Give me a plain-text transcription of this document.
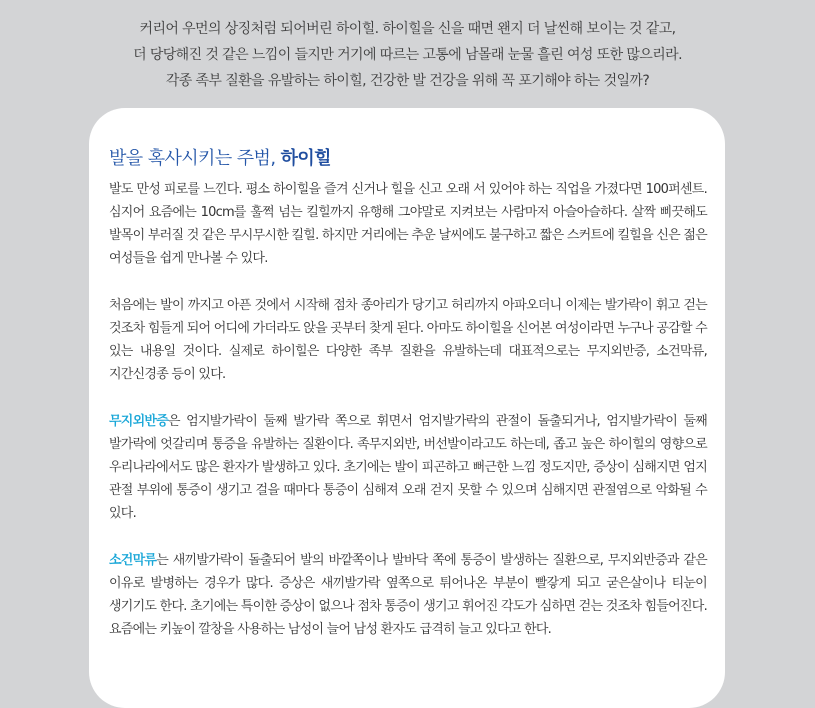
커리어 우먼의 상징처럼 되어버린 하이힐. 하이힐을 신을 때면 왠지 더 날씬해 보이는 것 같고,

더 당당해진 것 같은 느낌이 들지만 거기에 따르는 고통에 남몰래 눈물 흘린 여성 또한 많으리라.

각종 족부 질환을 유발하는 하이힐, 건강한 발 건강을 위해 꼭 포기해야 하는 것일까?

발을 혹사시키는 주범, 하이힐

발도 만성 피로를 느낀다. 평소 하이힐을 즐겨 신거나 힐을 신고 오래 서 있어야 하는 직업을 가졌다면 100퍼센트. 심지어 요즘에는 10cm를 훌쩍 넘는 킬힐까지 유행해 그야말로 지켜보는 사람마저 아슬아슬하다. 살짝 삐끗해도 발목이 부러질 것 같은 무시무시한 킬힐. 하지만 거리에는 추운 날씨에도 불구하고 짧은 스커트에 킬힐을 신은 젊은 여성들을 쉽게 만나볼 수 있다.

처음에는 발이 까지고 아픈 것에서 시작해 점차 종아리가 당기고 허리까지 아파오더니 이제는 발가락이 휘고 걷는 것조차 힘들게 되어 어디에 가더라도 앉을 곳부터 찾게 된다. 아마도 하이힐을 신어본 여성이라면 누구나 공감할 수 있는 내용일 것이다. 실제로 하이힐은 다양한 족부 질환을 유발하는데 대표적으로는 무지외반증, 소건막류, 지간신경종 등이 있다.

무지외반증은 엄지발가락이 둘째 발가락 쪽으로 휘면서 엄지발가락의 관절이 돌출되거나, 엄지발가락이 둘째 발가락에 엇갈리며 통증을 유발하는 질환이다. 족무지외반, 버선발이라고도 하는데, 좁고 높은 하이힐의 영향으로 우리나라에서도 많은 환자가 발생하고 있다. 초기에는 발이 피곤하고 뻐근한 느낌 정도지만, 증상이 심해지면 엄지 관절 부위에 통증이 생기고 걸을 때마다 통증이 심해져 오래 걷지 못할 수 있으며 심해지면 관절염으로 악화될 수 있다.

소건막류는 새끼발가락이 돌출되어 발의 바깥쪽이나 발바닥 쪽에 통증이 발생하는 질환으로, 무지외반증과 같은 이유로 발병하는 경우가 많다. 증상은 새끼발가락 옆쪽으로 튀어나온 부분이 빨갛게 되고 굳은살이나 티눈이 생기기도 한다. 초기에는 특이한 증상이 없으나 점차 통증이 생기고 휘어진 각도가 심하면 걷는 것조차 힘들어진다. 요즘에는 키높이 깔창을 사용하는 남성이 늘어 남성 환자도 급격히 늘고 있다고 한다.
